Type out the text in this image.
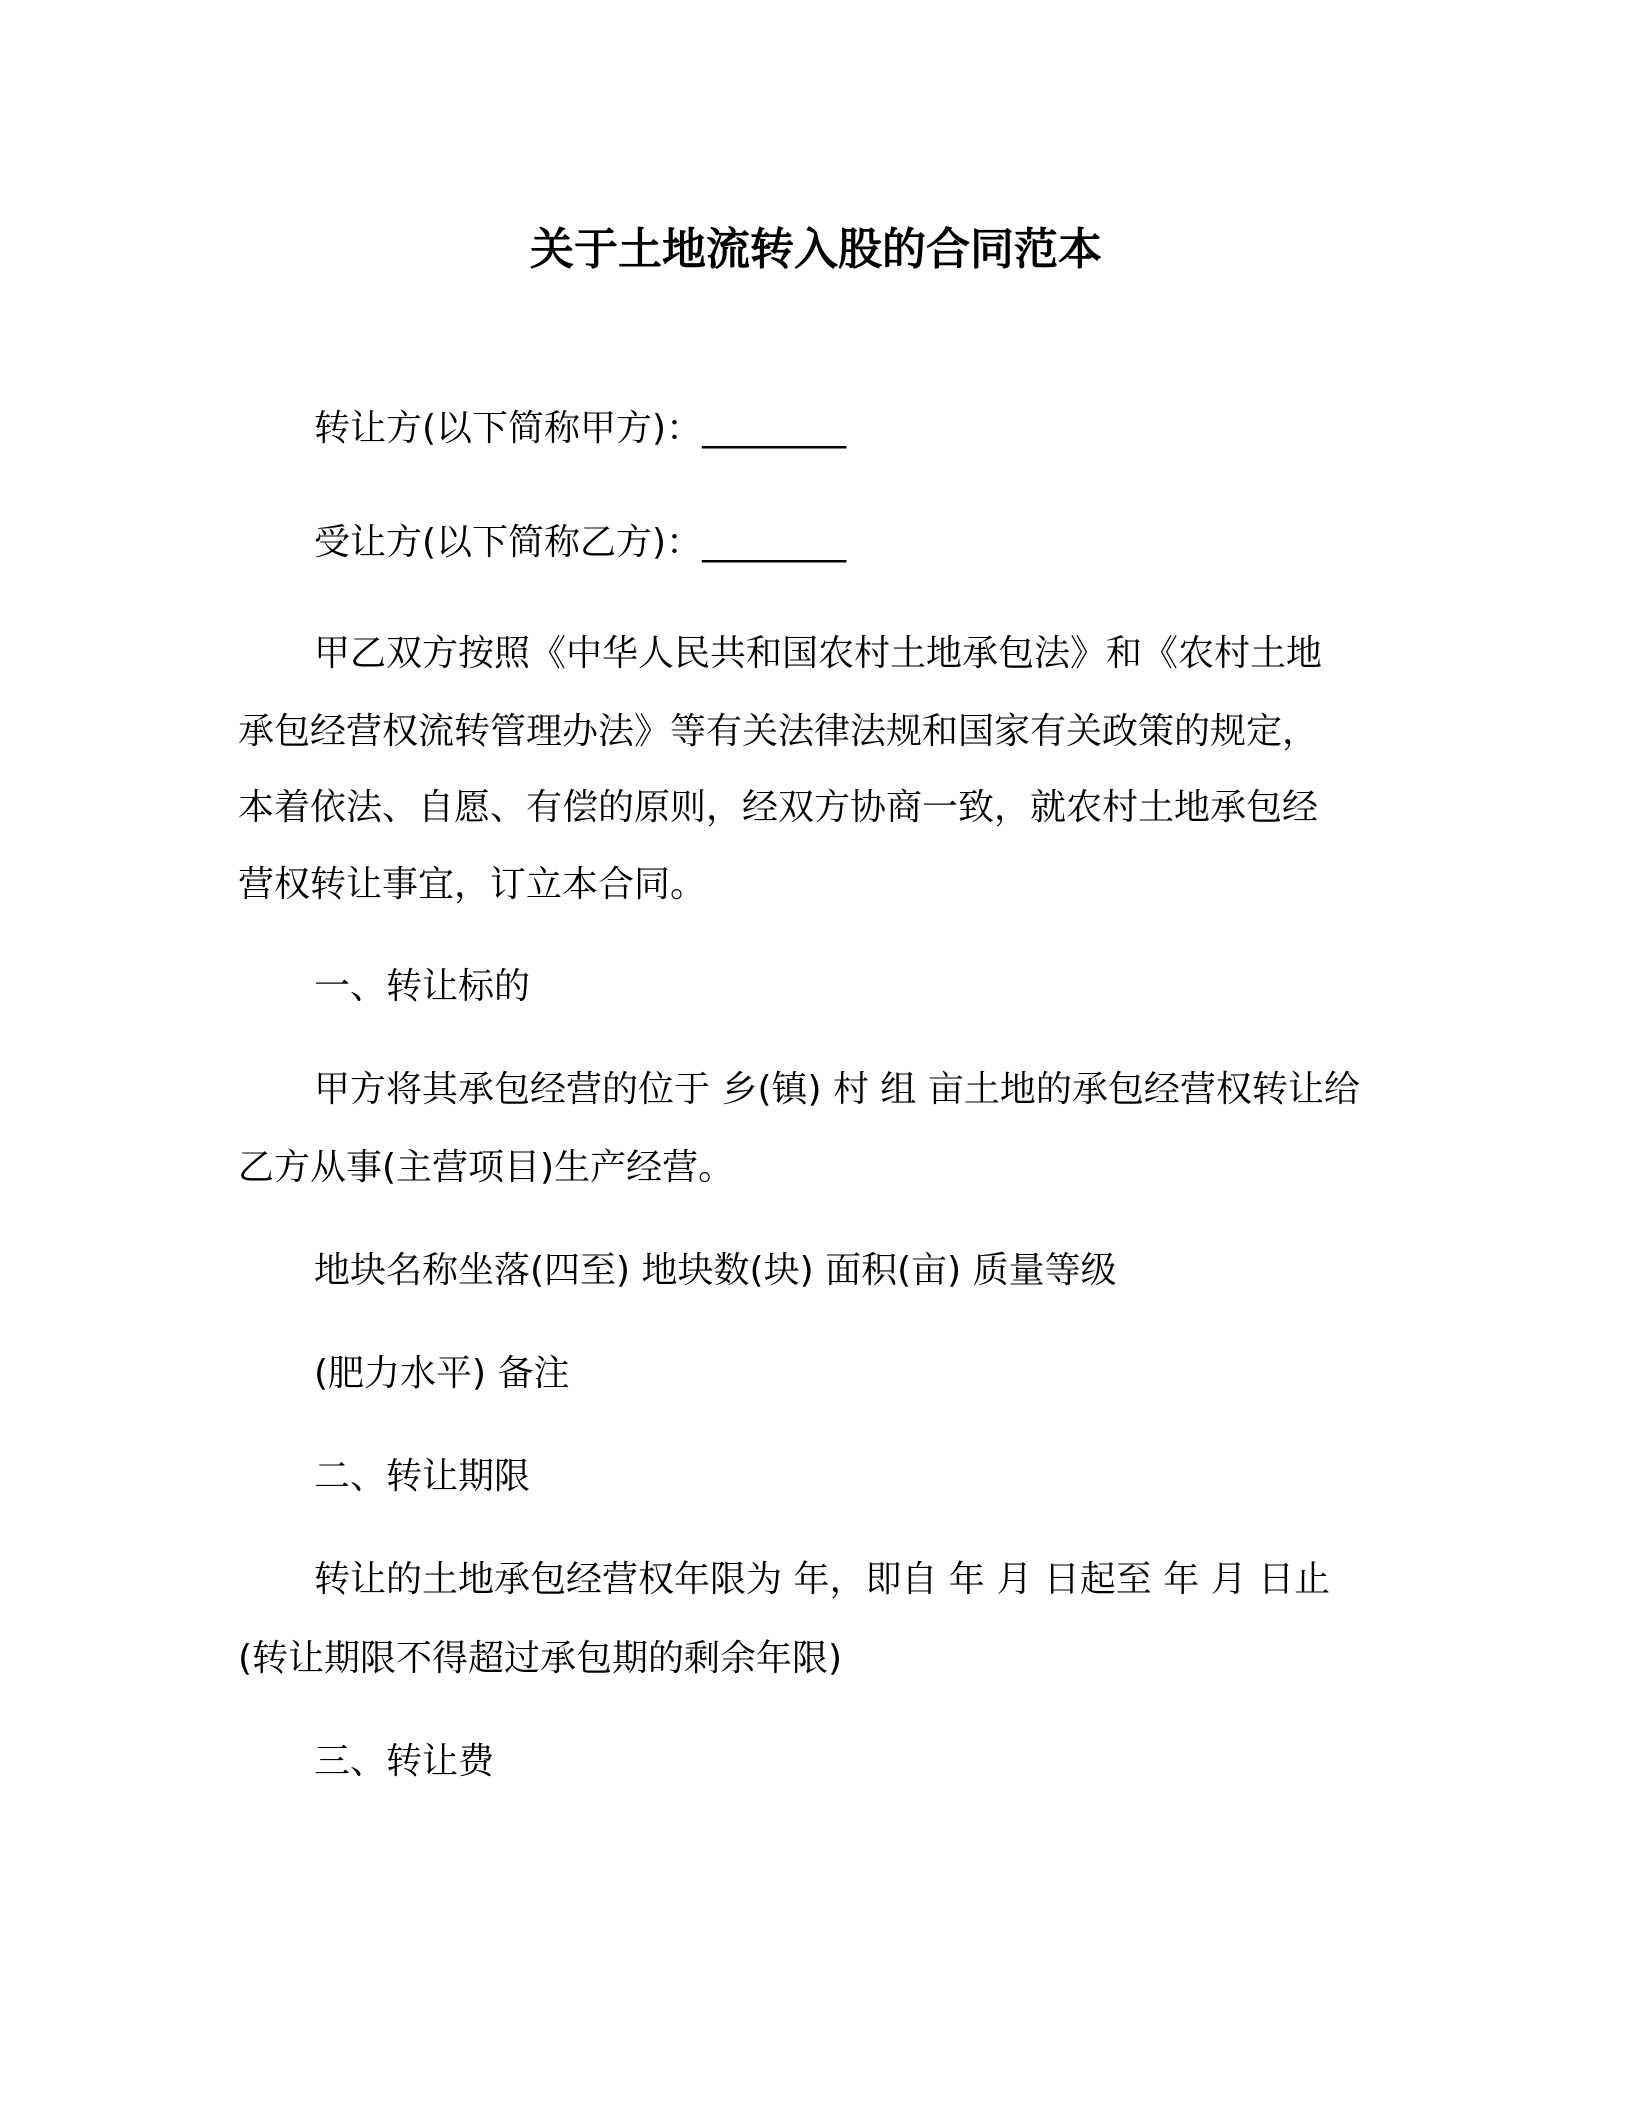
关于土地流转入股的合同范本
转让方(以下简称甲方)：________
受让方(以下简称乙方)：________
甲乙双方按照《中华人民共和国农村土地承包法》和《农村土地
承包经营权流转管理办法》等有关法律法规和国家有关政策的规定，
本着依法、自愿、有偿的原则，经双方协商一致，就农村土地承包经
营权转让事宜，订立本合同。
一、转让标的
甲方将其承包经营的位于 乡(镇) 村 组 亩土地的承包经营权转让给
乙方从事(主营项目)生产经营。
地块名称坐落(四至) 地块数(块) 面积(亩) 质量等级
(肥力水平) 备注
二、转让期限
转让的土地承包经营权年限为 年，即自 年 月 日起至 年 月 日止
(转让期限不得超过承包期的剩余年限)
三、转让费
